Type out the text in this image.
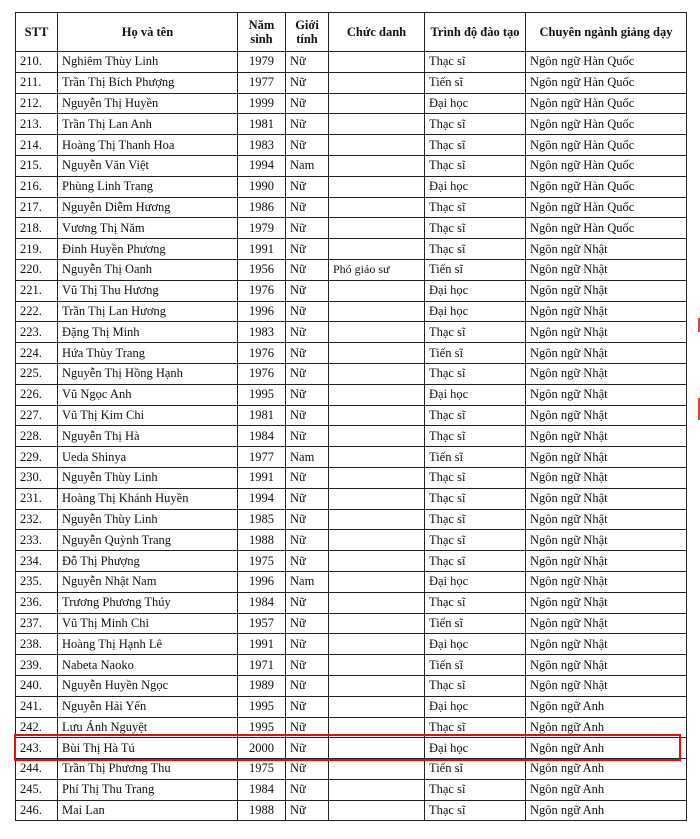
STT	Họ và tên	Năm sinh	Giới tính	Chức danh	Trình độ đào tạo	Chuyên ngành giảng dạy
210.	Nghiêm Thùy Linh	1979	Nữ		Thạc sĩ	Ngôn ngữ Hàn Quốc
211.	Trần Thị Bích Phượng	1977	Nữ		Tiến sĩ	Ngôn ngữ Hàn Quốc
212.	Nguyễn Thị Huyền	1999	Nữ		Đại học	Ngôn ngữ Hàn Quốc
213.	Trần Thị Lan Anh	1981	Nữ		Thạc sĩ	Ngôn ngữ Hàn Quốc
214.	Hoàng Thị Thanh Hoa	1983	Nữ		Thạc sĩ	Ngôn ngữ Hàn Quốc
215.	Nguyễn Văn Việt	1994	Nam		Thạc sĩ	Ngôn ngữ Hàn Quốc
216.	Phùng Linh Trang	1990	Nữ		Đại học	Ngôn ngữ Hàn Quốc
217.	Nguyễn Diễm Hương	1986	Nữ		Thạc sĩ	Ngôn ngữ Hàn Quốc
218.	Vương Thị Năm	1979	Nữ		Thạc sĩ	Ngôn ngữ Hàn Quốc
219.	Đinh Huyền Phương	1991	Nữ		Thạc sĩ	Ngôn ngữ Nhật
220.	Nguyễn Thị Oanh	1956	Nữ	Phó giáo sư	Tiến sĩ	Ngôn ngữ Nhật
221.	Vũ Thị Thu Hương	1976	Nữ		Đại học	Ngôn ngữ Nhật
222.	Trần Thị Lan Hương	1996	Nữ		Đại học	Ngôn ngữ Nhật
223.	Đặng Thị Minh	1983	Nữ		Thạc sĩ	Ngôn ngữ Nhật
224.	Hứa Thùy Trang	1976	Nữ		Tiến sĩ	Ngôn ngữ Nhật
225.	Nguyễn Thị Hồng Hạnh	1976	Nữ		Thạc sĩ	Ngôn ngữ Nhật
226.	Vũ Ngọc Anh	1995	Nữ		Đại học	Ngôn ngữ Nhật
227.	Vũ Thị Kim Chi	1981	Nữ		Thạc sĩ	Ngôn ngữ Nhật
228.	Nguyễn Thị Hà	1984	Nữ		Thạc sĩ	Ngôn ngữ Nhật
229.	Ueda Shinya	1977	Nam		Tiến sĩ	Ngôn ngữ Nhật
230.	Nguyễn Thùy Linh	1991	Nữ		Thạc sĩ	Ngôn ngữ Nhật
231.	Hoàng Thị Khánh Huyền	1994	Nữ		Thạc sĩ	Ngôn ngữ Nhật
232.	Nguyễn Thùy Linh	1985	Nữ		Thạc sĩ	Ngôn ngữ Nhật
233.	Nguyễn Quỳnh Trang	1988	Nữ		Thạc sĩ	Ngôn ngữ Nhật
234.	Đỗ Thị Phượng	1975	Nữ		Thạc sĩ	Ngôn ngữ Nhật
235.	Nguyễn Nhật Nam	1996	Nam		Đại học	Ngôn ngữ Nhật
236.	Trương Phương Thúy	1984	Nữ		Thạc sĩ	Ngôn ngữ Nhật
237.	Vũ Thị Minh Chi	1957	Nữ		Tiến sĩ	Ngôn ngữ Nhật
238.	Hoàng Thị Hạnh Lê	1991	Nữ		Đại học	Ngôn ngữ Nhật
239.	Nabeta Naoko	1971	Nữ		Tiến sĩ	Ngôn ngữ Nhật
240.	Nguyễn Huyền Ngọc	1989	Nữ		Thạc sĩ	Ngôn ngữ Nhật
241.	Nguyễn Hải Yến	1995	Nữ		Đại học	Ngôn ngữ Anh
242.	Lưu Ánh Nguyệt	1995	Nữ		Thạc sĩ	Ngôn ngữ Anh
243.	Bùi Thị Hà Tú	2000	Nữ		Đại học	Ngôn ngữ Anh
244.	Trần Thị Phương Thu	1975	Nữ		Tiến sĩ	Ngôn ngữ Anh
245.	Phí Thị Thu Trang	1984	Nữ		Thạc sĩ	Ngôn ngữ Anh
246.	Mai Lan	1988	Nữ		Thạc sĩ	Ngôn ngữ Anh
